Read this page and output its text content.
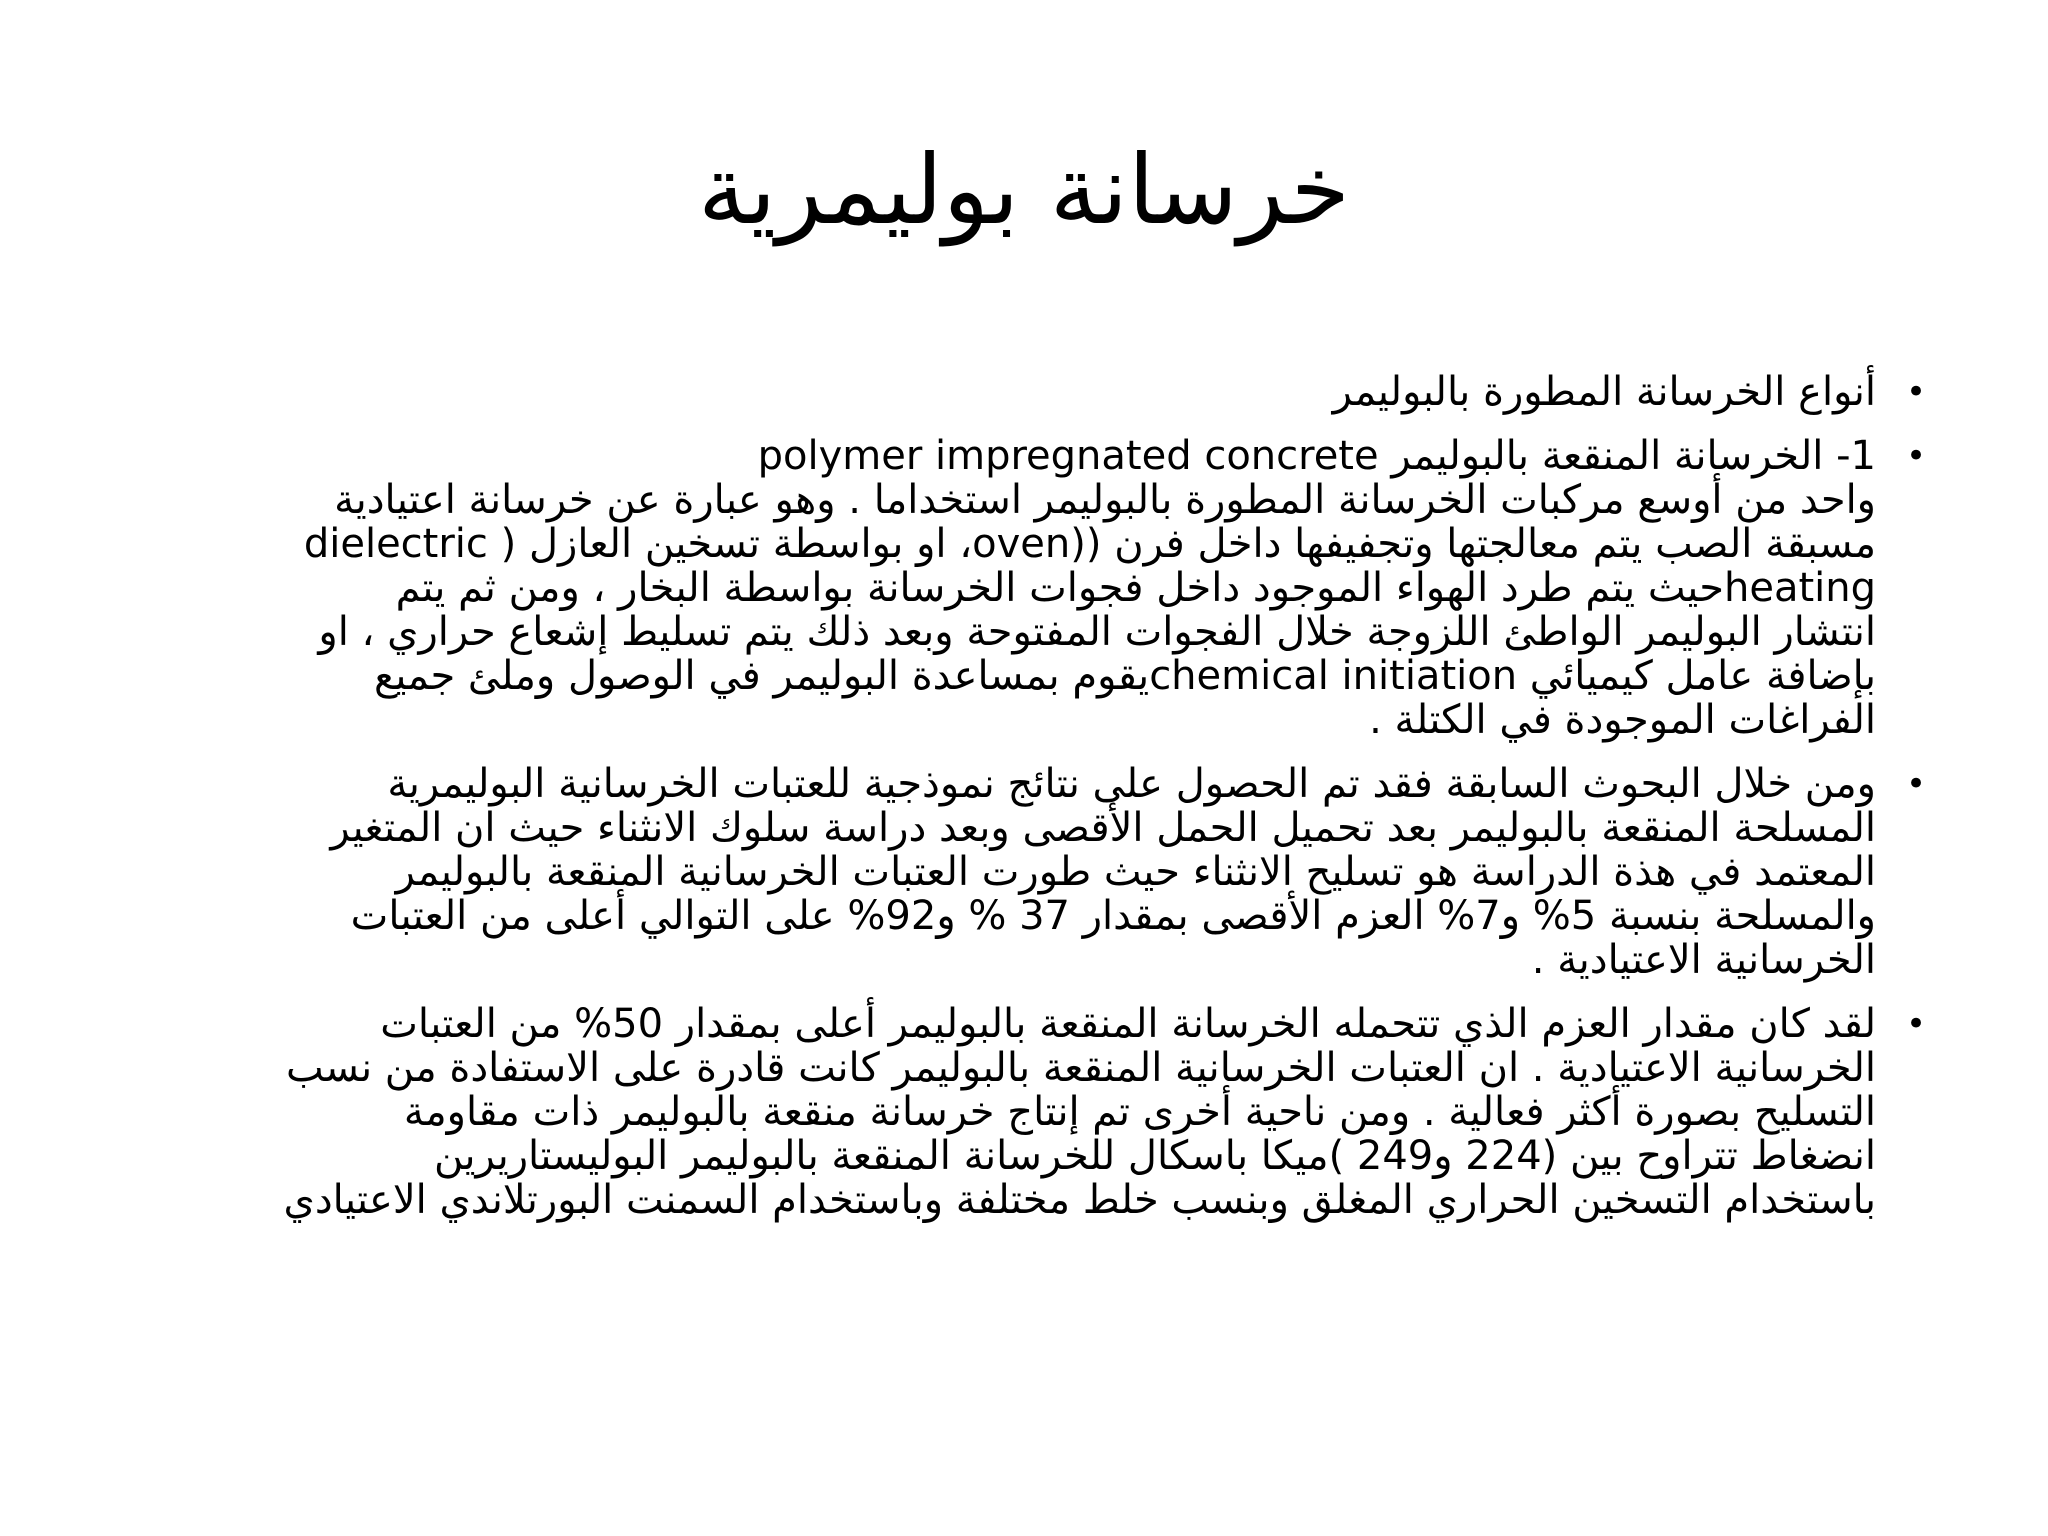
خرسانة بوليمرية
•
أنواع الخرسانة المطورة بالبوليمر
•
1- الخرسانة المنقعة بالبوليمر polymer impregnated concrete
واحد من أوسع مركبات الخرسانة المطورة بالبوليمر استخداما . وهو عبارة عن خرسانة اعتيادية
مسبقة الصب يتم معالجتها وتجفيفها داخل فرن ((oven، او بواسطة تسخين العازل ( dielectric
heatingحيث يتم طرد الهواء الموجود داخل فجوات الخرسانة بواسطة البخار ، ومن ثم يتم
انتشار البوليمر الواطئ اللزوجة خلال الفجوات المفتوحة وبعد ذلك يتم تسليط إشعاع حراري ، او
بإضافة عامل كيميائي chemical initiationيقوم بمساعدة البوليمر في الوصول وملئ جميع
الفراغات الموجودة في الكتلة .
•
ومن خلال البحوث السابقة فقد تم الحصول على نتائج نموذجية للعتبات الخرسانية البوليمرية
المسلحة المنقعة بالبوليمر بعد تحميل الحمل الأقصى وبعد دراسة سلوك الانثناء حيث ان المتغير
المعتمد في هذة الدراسة هو تسليح الانثناء حيث طورت العتبات الخرسانية المنقعة بالبوليمر
والمسلحة بنسبة 5% و7% العزم الأقصى بمقدار 37 % و92% على التوالي أعلى من العتبات
الخرسانية الاعتيادية .
•
لقد كان مقدار العزم الذي تتحمله الخرسانة المنقعة بالبوليمر أعلى بمقدار 50% من العتبات
الخرسانية الاعتيادية . ان العتبات الخرسانية المنقعة بالبوليمر كانت قادرة على الاستفادة من نسب
التسليح بصورة أكثر فعالية . ومن ناحية أخرى تم إنتاج خرسانة منقعة بالبوليمر ذات مقاومة
انضغاط تتراوح بين (224 و249 )ميكا باسكال للخرسانة المنقعة بالبوليمر البوليستاريرين
باستخدام التسخين الحراري المغلق وبنسب خلط مختلفة وباستخدام السمنت البورتلاندي الاعتيادي
